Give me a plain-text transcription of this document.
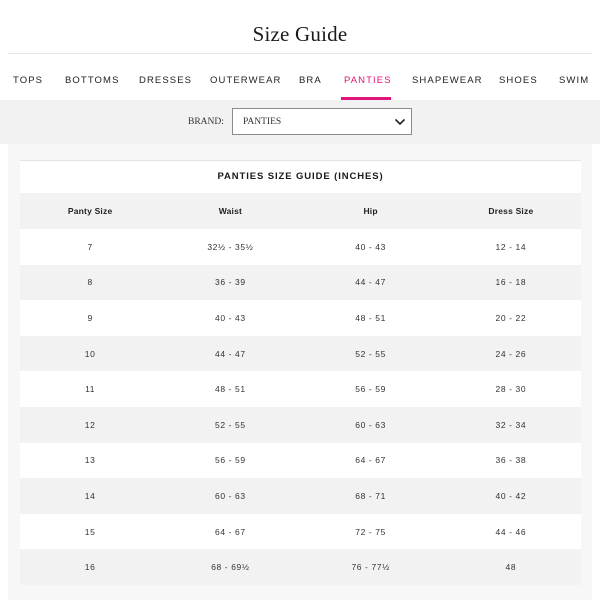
Size Guide
TOPS BOTTOMS DRESSES OUTERWEAR BRA PANTIES SHAPEWEAR SHOES SWIM
BRAND: PANTIES
PANTIES SIZE GUIDE (INCHES)
Panty Size	Waist	Hip	Dress Size
7	32½ - 35½	40 - 43	12 - 14
8	36 - 39	44 - 47	16 - 18
9	40 - 43	48 - 51	20 - 22
10	44 - 47	52 - 55	24 - 26
11	48 - 51	56 - 59	28 - 30
12	52 - 55	60 - 63	32 - 34
13	56 - 59	64 - 67	36 - 38
14	60 - 63	68 - 71	40 - 42
15	64 - 67	72 - 75	44 - 46
16	68 - 69½	76 - 77½	48
